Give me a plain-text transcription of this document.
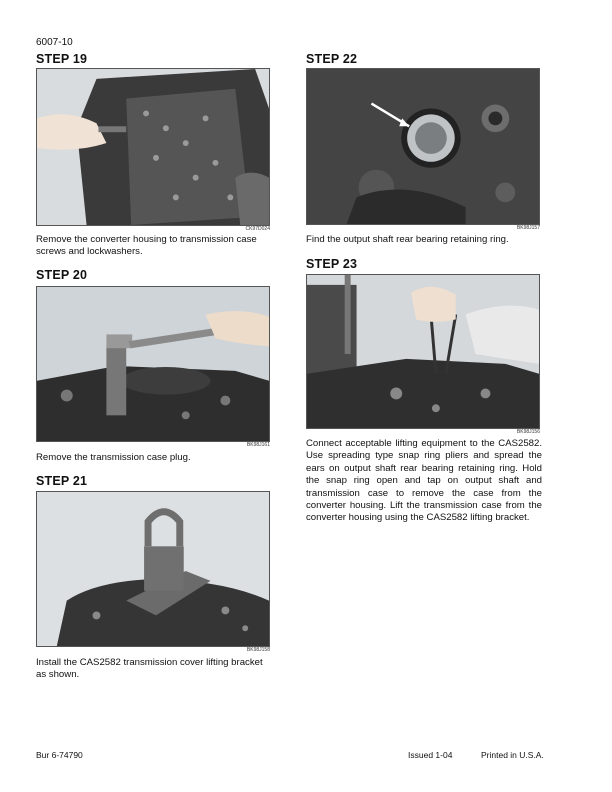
6007-10
STEP 19
CK97D024
Remove the converter housing to transmission case screws and lockwashers.
STEP 20
BK98J161
Remove the transmission case plug.
STEP 21
BK98J158
Install the CAS2582 transmission cover lifting bracket as shown.
STEP 22
BK98J157
Find the output shaft rear bearing retaining ring.
STEP 23
BK98J156
Connect acceptable lifting equipment to the CAS2582. Use spreading type snap ring pliers and spread the ears on output shaft rear bearing retaining ring. Hold the snap ring open and tap on output shaft and transmission case to remove the case from the converter housing. Lift the transmission case from the converter housing using the CAS2582 lifting bracket.
Bur 6-74790	Issued 1-04	Printed in U.S.A.
